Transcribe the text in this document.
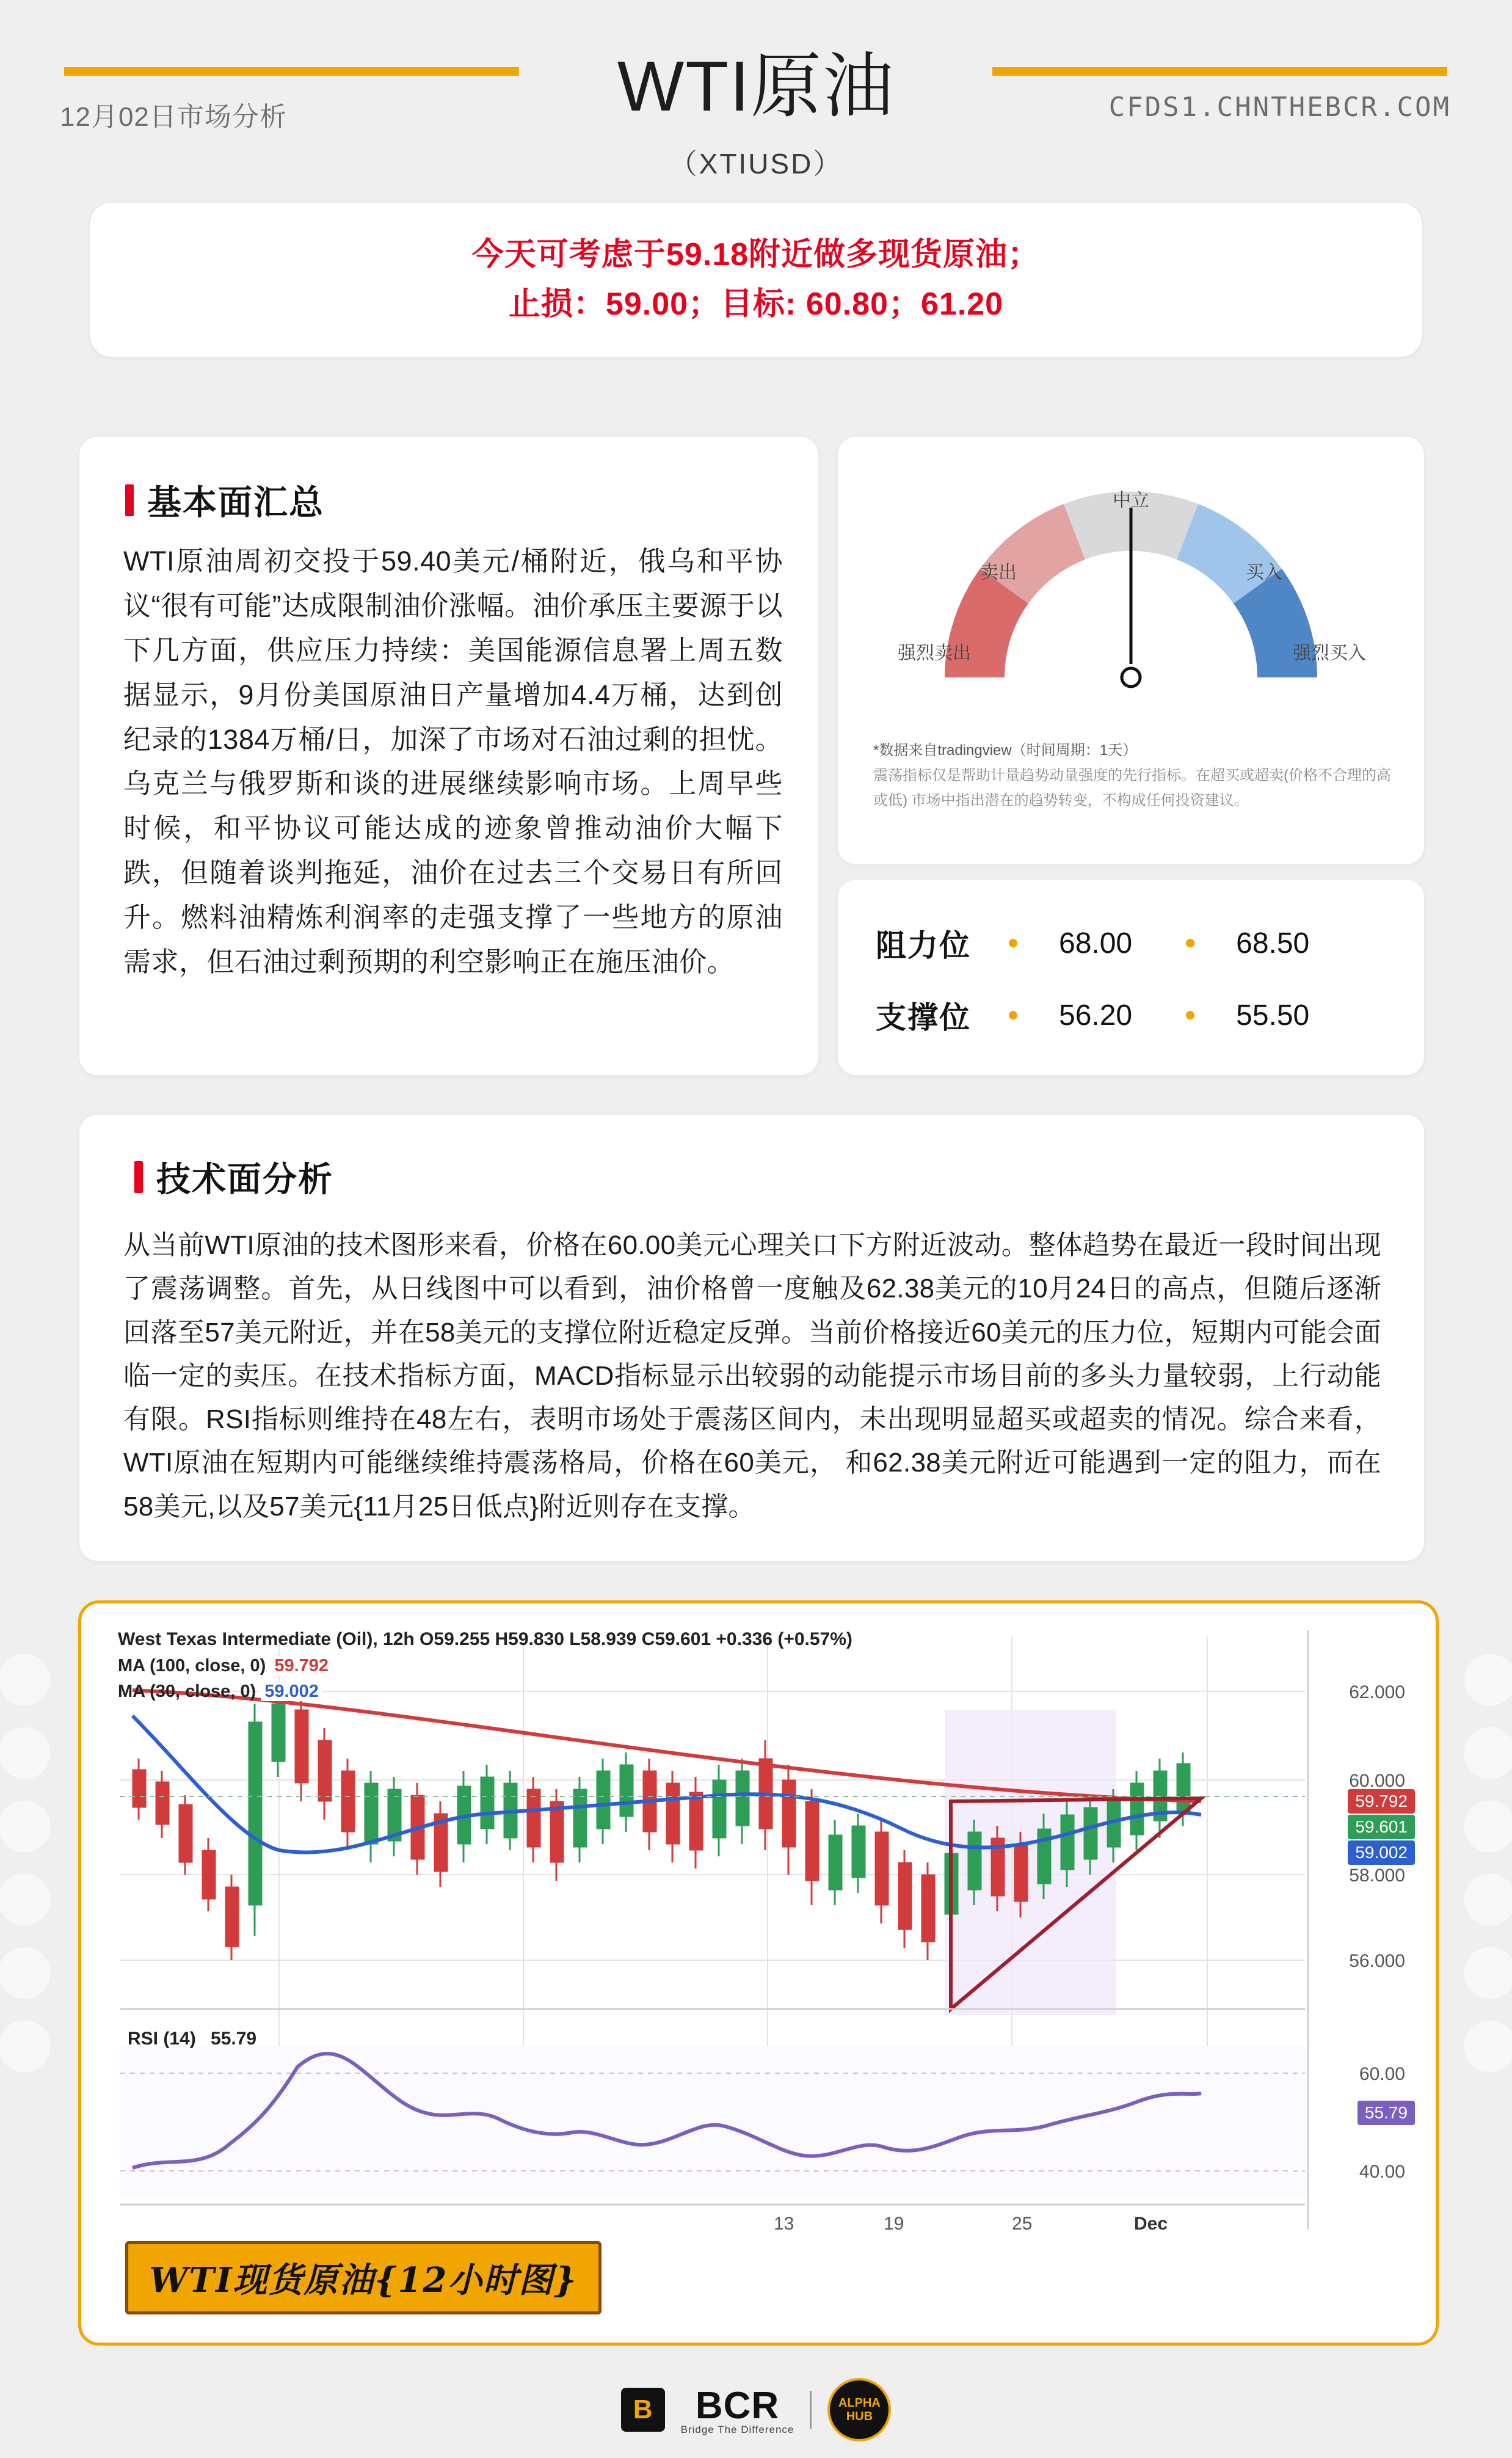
12月02日市场分析	WTI原油
（XTIUSD）
CFDS1.CHNTHEBCR.COM
今天可考虑于59.18附近做多现货原油；
止损：59.00；目标: 60.80；61.20
基本面汇总
WTI原油周初交投于59.40美元/桶附近，俄乌和平协议“很有可能”达成限制油价涨幅。油价承压主要源于以下几方面，供应压力持续：美国能源信息署上周五数据显示，9月份美国原油日产量增加4.4万桶，达到创纪录的1384万桶/日，加深了市场对石油过剩的担忧。乌克兰与俄罗斯和谈的进展继续影响市场。上周早些时候，和平协议可能达成的迹象曾推动油价大幅下跌，但随着谈判拖延，油价在过去三个交易日有所回升。燃料油精炼利润率的走强支撑了一些地方的原油需求，但石油过剩预期的利空影响正在施压油价。
中立
卖出	买入
强烈卖出	强烈买入
*数据来自tradingview（时间周期：1天）
震荡指标仅是帮助计量趋势动量强度的先行指标。在超买或超卖(价格不合理的高或低) 市场中指出潜在的趋势转变，不构成任何投资建议。
阻力位	68.00	68.50
支撑位	56.20	55.50
技术面分析
从当前WTI原油的技术图形来看，价格在60.00美元心理关口下方附近波动。整体趋势在最近一段时间出现了震荡调整。首先，从日线图中可以看到，油价格曾一度触及62.38美元的10月24日的高点，但随后逐渐回落至57美元附近，并在58美元的支撑位附近稳定反弹。当前价格接近60美元的压力位，短期内可能会面临一定的卖压。在技术指标方面，MACD指标显示出较弱的动能提示市场目前的多头力量较弱，上行动能有限。RSI指标则维持在48左右，表明市场处于震荡区间内，未出现明显超买或超卖的情况。综合来看，WTI原油在短期内可能继续维持震荡格局，价格在60美元， 和62.38美元附近可能遇到一定的阻力，而在58美元,以及57美元{11月25日低点}附近则存在支撑。
West Texas Intermediate (Oil), 12h O59.255 H59.830 L58.939 C59.601 +0.336 (+0.57%)
MA (100, close, 0) 59.792
MA (30, close, 0) 59.002
RSI (14) 55.79
59.792
59.601
59.002
55.79
62.000
60.000
58.000
56.000
60.00
40.00
13	19	25	Dec
WTI现货原油{12小时图}
B	BCR
Bridge The Difference
ALPHA
HUB
